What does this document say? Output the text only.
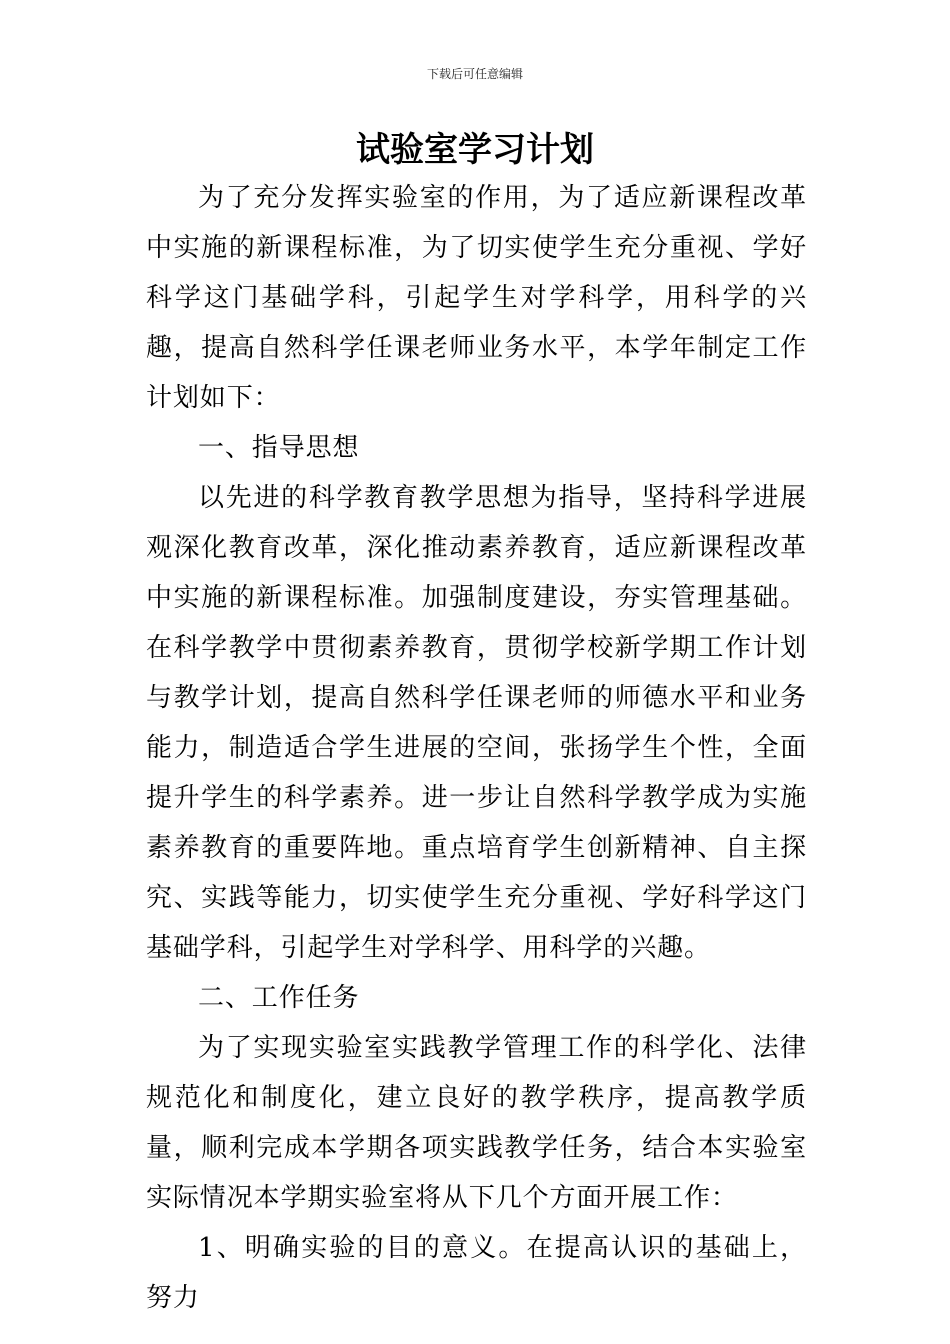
下载后可任意编辑
试验室学习计划

为了充分发挥实验室的作用，为了适应新课程改革中实施的新课程标准，为了切实使学生充分重视、学好科学这门基础学科，引起学生对学科学，用科学的兴趣，提高自然科学任课老师业务水平，本学年制定工作计划如下：

一、指导思想

以先进的科学教育教学思想为指导，坚持科学进展观深化教育改革，深化推动素养教育，适应新课程改革中实施的新课程标准。加强制度建设，夯实管理基础。在科学教学中贯彻素养教育，贯彻学校新学期工作计划与教学计划，提高自然科学任课老师的师德水平和业务能力，制造适合学生进展的空间，张扬学生个性，全面提升学生的科学素养。进一步让自然科学教学成为实施素养教育的重要阵地。重点培育学生创新精神、自主探究、实践等能力，切实使学生充分重视、学好科学这门基础学科，引起学生对学科学、用科学的兴趣。

二、工作任务

为了实现实验室实践教学管理工作的科学化、法律规范化和制度化，建立良好的教学秩序，提高教学质量，顺利完成本学期各项实践教学任务，结合本实验室实际情况本学期实验室将从下几个方面开展工作：

1、明确实验的目的意义。在提高认识的基础上，努力
